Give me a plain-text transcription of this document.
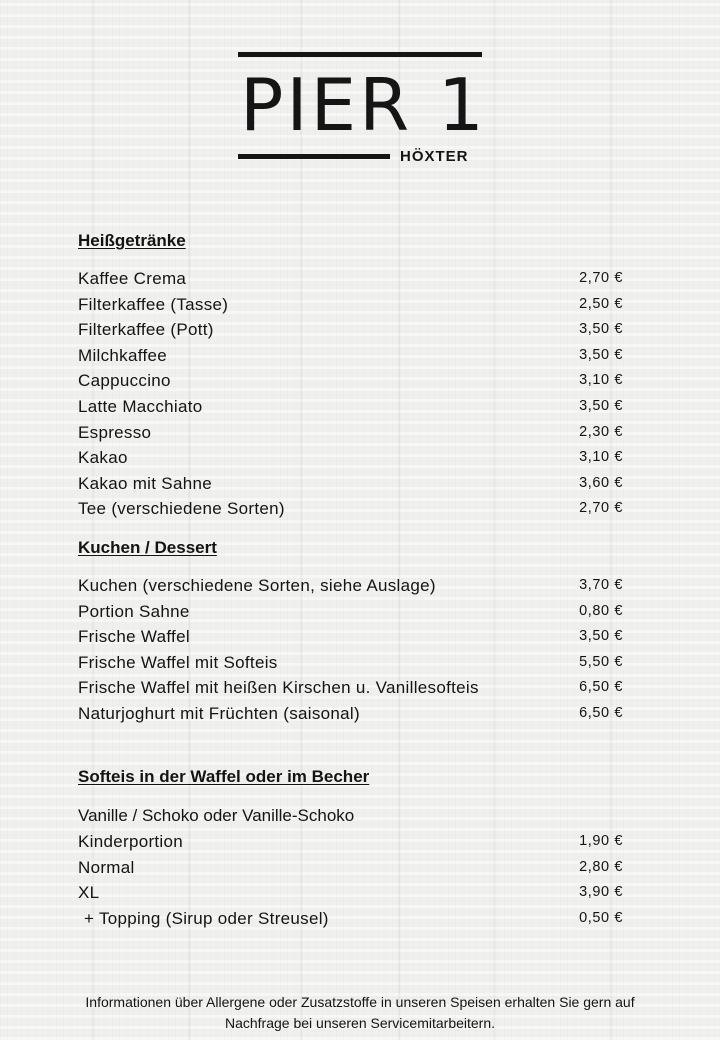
PIER 1
HÖXTER
Heißgetränke
Kaffee Crema	2,70 €
Filterkaffee (Tasse)	2,50 €
Filterkaffee (Pott)	3,50 €
Milchkaffee	3,50 €
Cappuccino	3,10 €
Latte Macchiato	3,50 €
Espresso	2,30 €
Kakao	3,10 €
Kakao mit Sahne	3,60 €
Tee (verschiedene Sorten)	2,70 €
Kuchen / Dessert
Kuchen (verschiedene Sorten, siehe Auslage)	3,70 €
Portion Sahne	0,80 €
Frische Waffel	3,50 €
Frische Waffel mit Softeis	5,50 €
Frische Waffel mit heißen Kirschen u. Vanillesofteis	6,50 €
Naturjoghurt mit Früchten (saisonal)	6,50 €
Softeis in der Waffel oder im Becher
Vanille / Schoko oder Vanille-Schoko
Kinderportion	1,90 €
Normal	2,80 €
XL	3,90 €
+ Topping (Sirup oder Streusel)	0,50 €
Informationen über Allergene oder Zusatzstoffe in unseren Speisen erhalten Sie gern auf
Nachfrage bei unseren Servicemitarbeitern.
